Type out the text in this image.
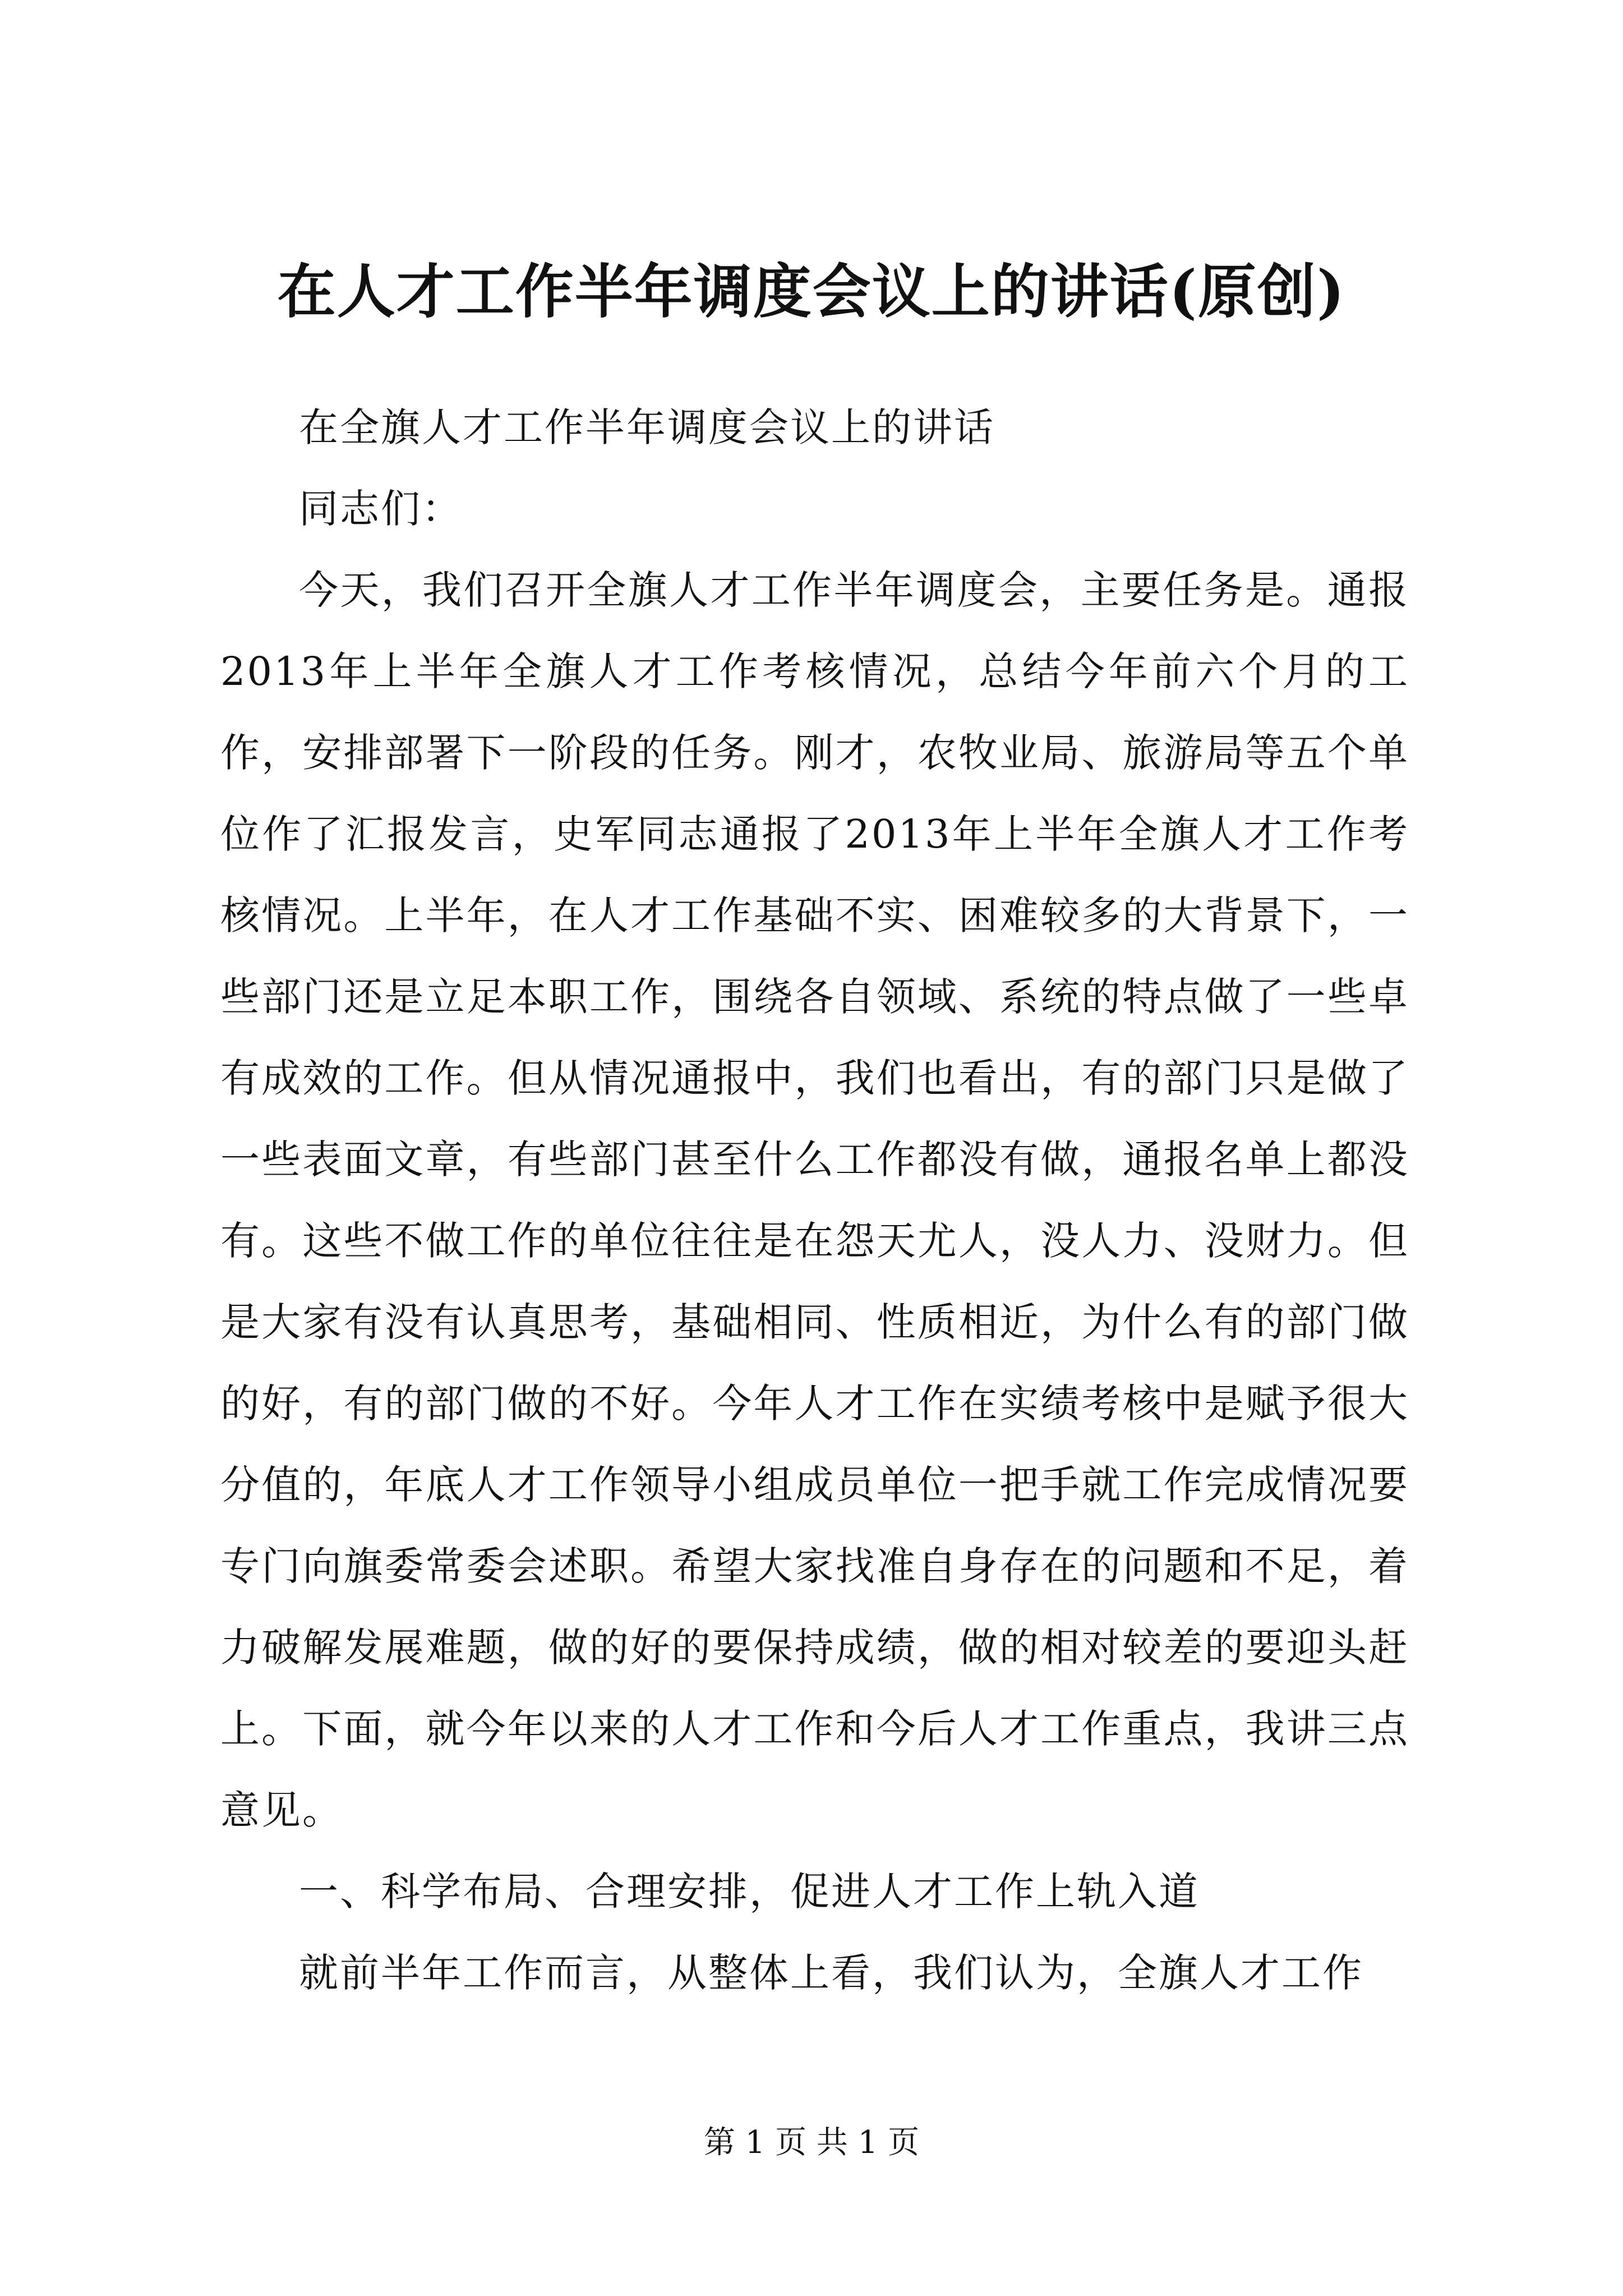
在人才工作半年调度会议上的讲话(原创)

在全旗人才工作半年调度会议上的讲话

同志们：

今天，我们召开全旗人才工作半年调度会，主要任务是。通报2013年上半年全旗人才工作考核情况，总结今年前六个月的工作，安排部署下一阶段的任务。刚才，农牧业局、旅游局等五个单位作了汇报发言，史军同志通报了2013年上半年全旗人才工作考核情况。上半年，在人才工作基础不实、困难较多的大背景下，一些部门还是立足本职工作，围绕各自领域、系统的特点做了一些卓有成效的工作。但从情况通报中，我们也看出，有的部门只是做了一些表面文章，有些部门甚至什么工作都没有做，通报名单上都没有。这些不做工作的单位往往是在怨天尤人，没人力、没财力。但是大家有没有认真思考，基础相同、性质相近，为什么有的部门做的好，有的部门做的不好。今年人才工作在实绩考核中是赋予很大分值的，年底人才工作领导小组成员单位一把手就工作完成情况要专门向旗委常委会述职。希望大家找准自身存在的问题和不足，着力破解发展难题，做的好的要保持成绩，做的相对较差的要迎头赶上。下面，就今年以来的人才工作和今后人才工作重点，我讲三点意见。

一、科学布局、合理安排，促进人才工作上轨入道

就前半年工作而言，从整体上看，我们认为，全旗人才工作

第 1 页 共 1 页
